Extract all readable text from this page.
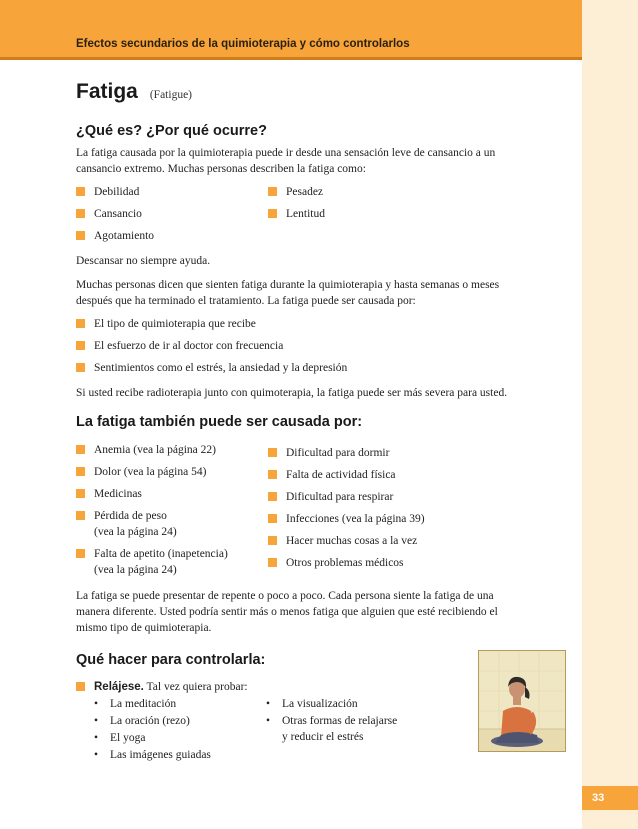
Efectos secundarios de la quimioterapia y cómo controlarlos
33
Fatiga (Fatigue)
¿Qué es? ¿Por qué ocurre?

La fatiga causada por la quimioterapia puede ir desde una sensación leve de cansancio a un

cansancio extremo. Muchas personas describen la fatiga como:

Debilidad
Cansancio
Agotamiento
Pesadez
Lentitud

Descansar no siempre ayuda.

Muchas personas dicen que sienten fatiga durante la quimioterapia y hasta semanas o meses

después que ha terminado el tratamiento. La fatiga puede ser causada por:

El tipo de quimioterapia que recibe
El esfuerzo de ir al doctor con frecuencia
Sentimientos como el estrés, la ansiedad y la depresión

Si usted recibe radioterapia junto con quimoterapia, la fatiga puede ser más severa para usted.

La fatiga también puede ser causada por:
Anemia (vea la página 22)
Dolor (vea la página 54)
Medicinas
Pérdida de peso
(vea la página 24)
Falta de apetito (inapetencia)
(vea la página 24)
Dificultad para dormir
Falta de actividad física
Dificultad para respirar
Infecciones (vea la página 39)
Hacer muchas cosas a la vez
Otros problemas médicos

La fatiga se puede presentar de repente o poco a poco. Cada persona siente la fatiga de una

manera diferente. Usted podría sentir más o menos fatiga que alguien que esté recibiendo el

mismo tipo de quimioterapia.

Qué hacer para controlarla:
Relájese. Tal vez quiera probar:
• La meditación
• La oración (rezo)
• El yoga
• Las imágenes guiadas
• La visualización
• Otras formas de relajarse
y reducir el estrés
